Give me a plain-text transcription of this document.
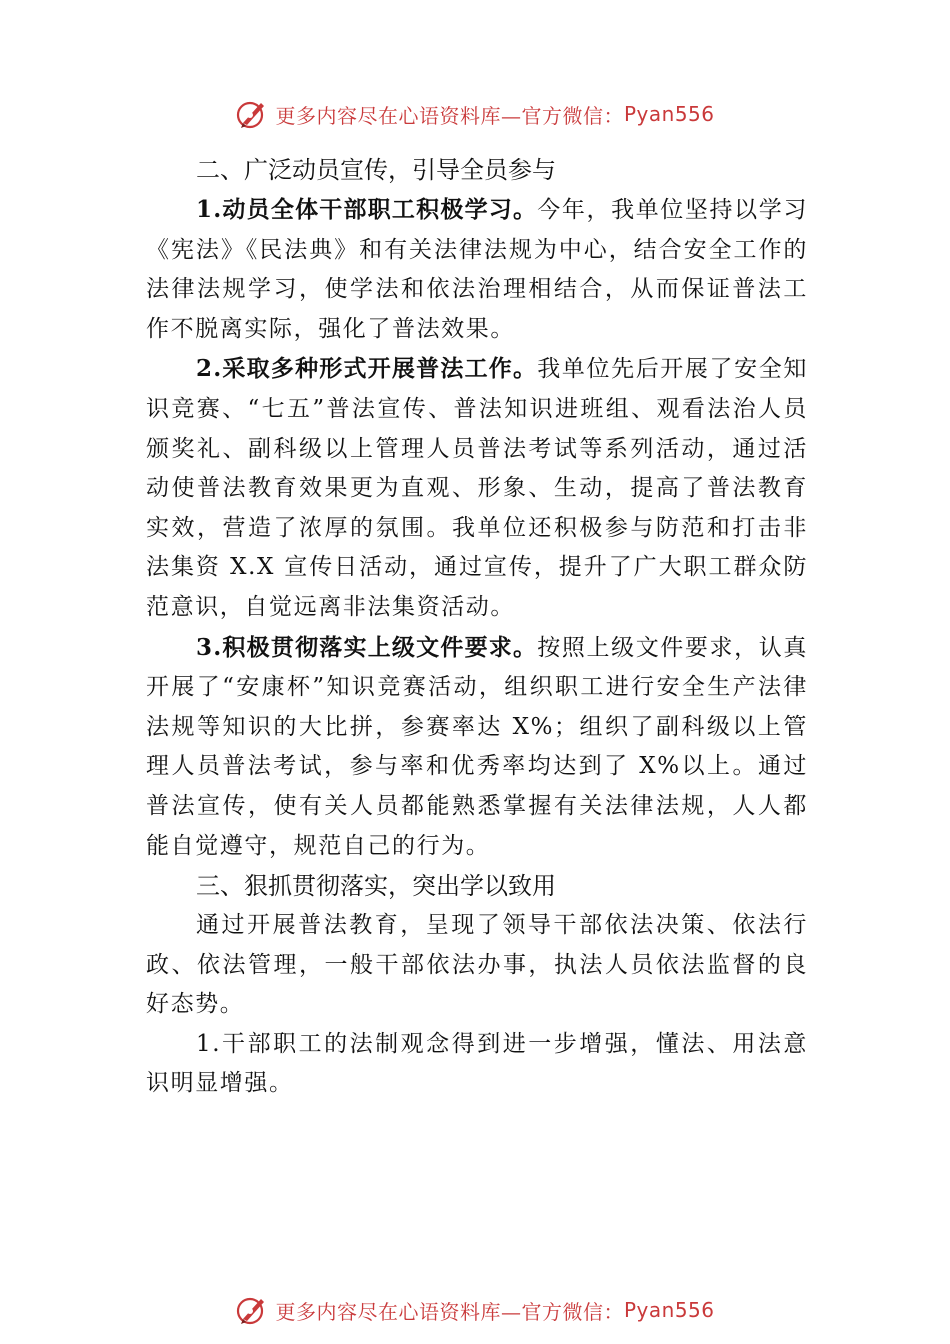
更多内容尽在心语资料库—官方微信： Pyan556
二、广泛动员宣传，引导全员参与

1.动员全体干部职工积极学习。今年，我单位坚持以学习《宪法》《民法典》和有关法律法规为中心，结合安全工作的法律法规学习，使学法和依法治理相结合，从而保证普法工作不脱离实际，强化了普法效果。

2.采取多种形式开展普法工作。我单位先后开展了安全知识竞赛、“七五”普法宣传、普法知识进班组、观看法治人员颁奖礼、副科级以上管理人员普法考试等系列活动，通过活动使普法教育效果更为直观、形象、生动，提高了普法教育实效，营造了浓厚的氛围。我单位还积极参与防范和打击非法集资 X.X 宣传日活动，通过宣传，提升了广大职工群众防范意识，自觉远离非法集资活动。

3.积极贯彻落实上级文件要求。按照上级文件要求，认真开展了“安康杯”知识竞赛活动，组织职工进行安全生产法律法规等知识的大比拼，参赛率达 X%；组织了副科级以上管理人员普法考试，参与率和优秀率均达到了 X%以上。通过普法宣传，使有关人员都能熟悉掌握有关法律法规，人人都能自觉遵守，规范自己的行为。

三、狠抓贯彻落实，突出学以致用

通过开展普法教育，呈现了领导干部依法决策、依法行政、依法管理，一般干部依法办事，执法人员依法监督的良好态势。

1.干部职工的法制观念得到进一步增强，懂法、用法意识明显增强。

更多内容尽在心语资料库—官方微信： Pyan556
